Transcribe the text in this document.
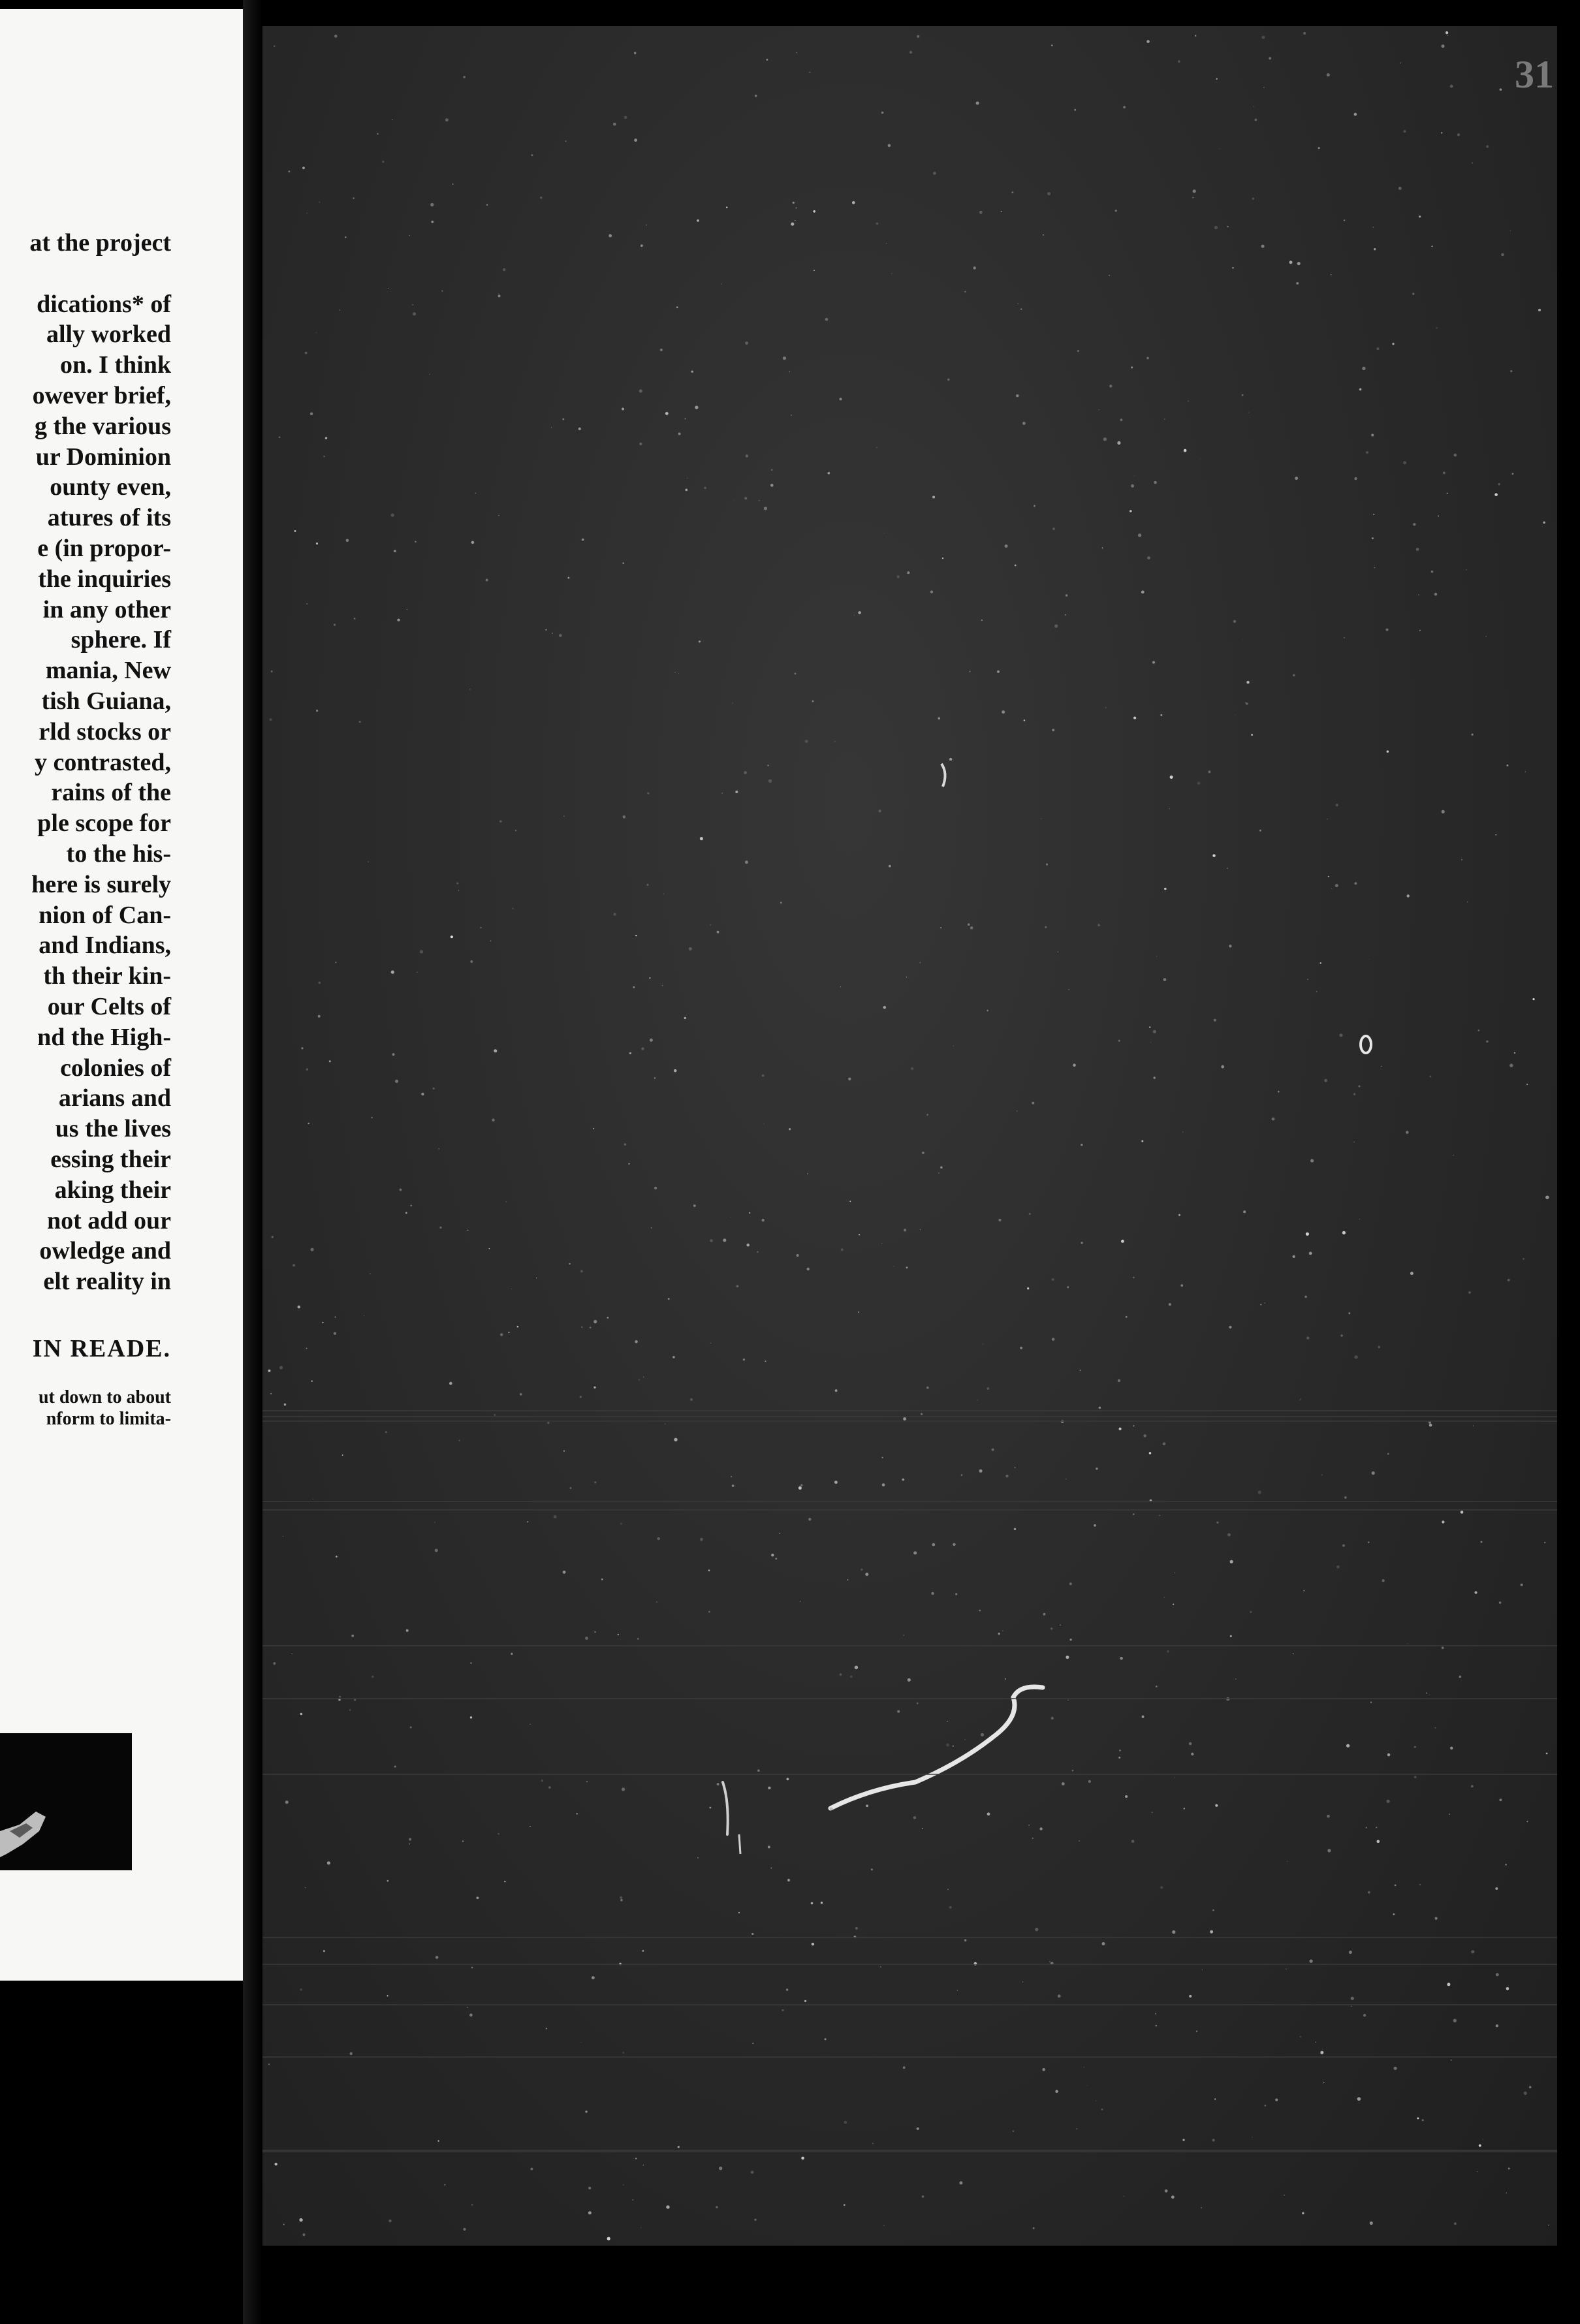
at the project
dications* of
ally worked
on. I think
owever brief,
g the various
ur Dominion
ounty even,
atures of its
e (in propor-
the inquiries
in any other
sphere. If
mania, New
tish Guiana,
rld stocks or
y contrasted,
rains of the
ple scope for
to the his-
here is surely
nion of Can-
and Indians,
th their kin-
our Celts of
nd the High-
colonies of
arians and
us the lives
essing their
aking their
not add our
owledge and
elt reality in
IN READE.
ut down to about
nform to limita-
31
